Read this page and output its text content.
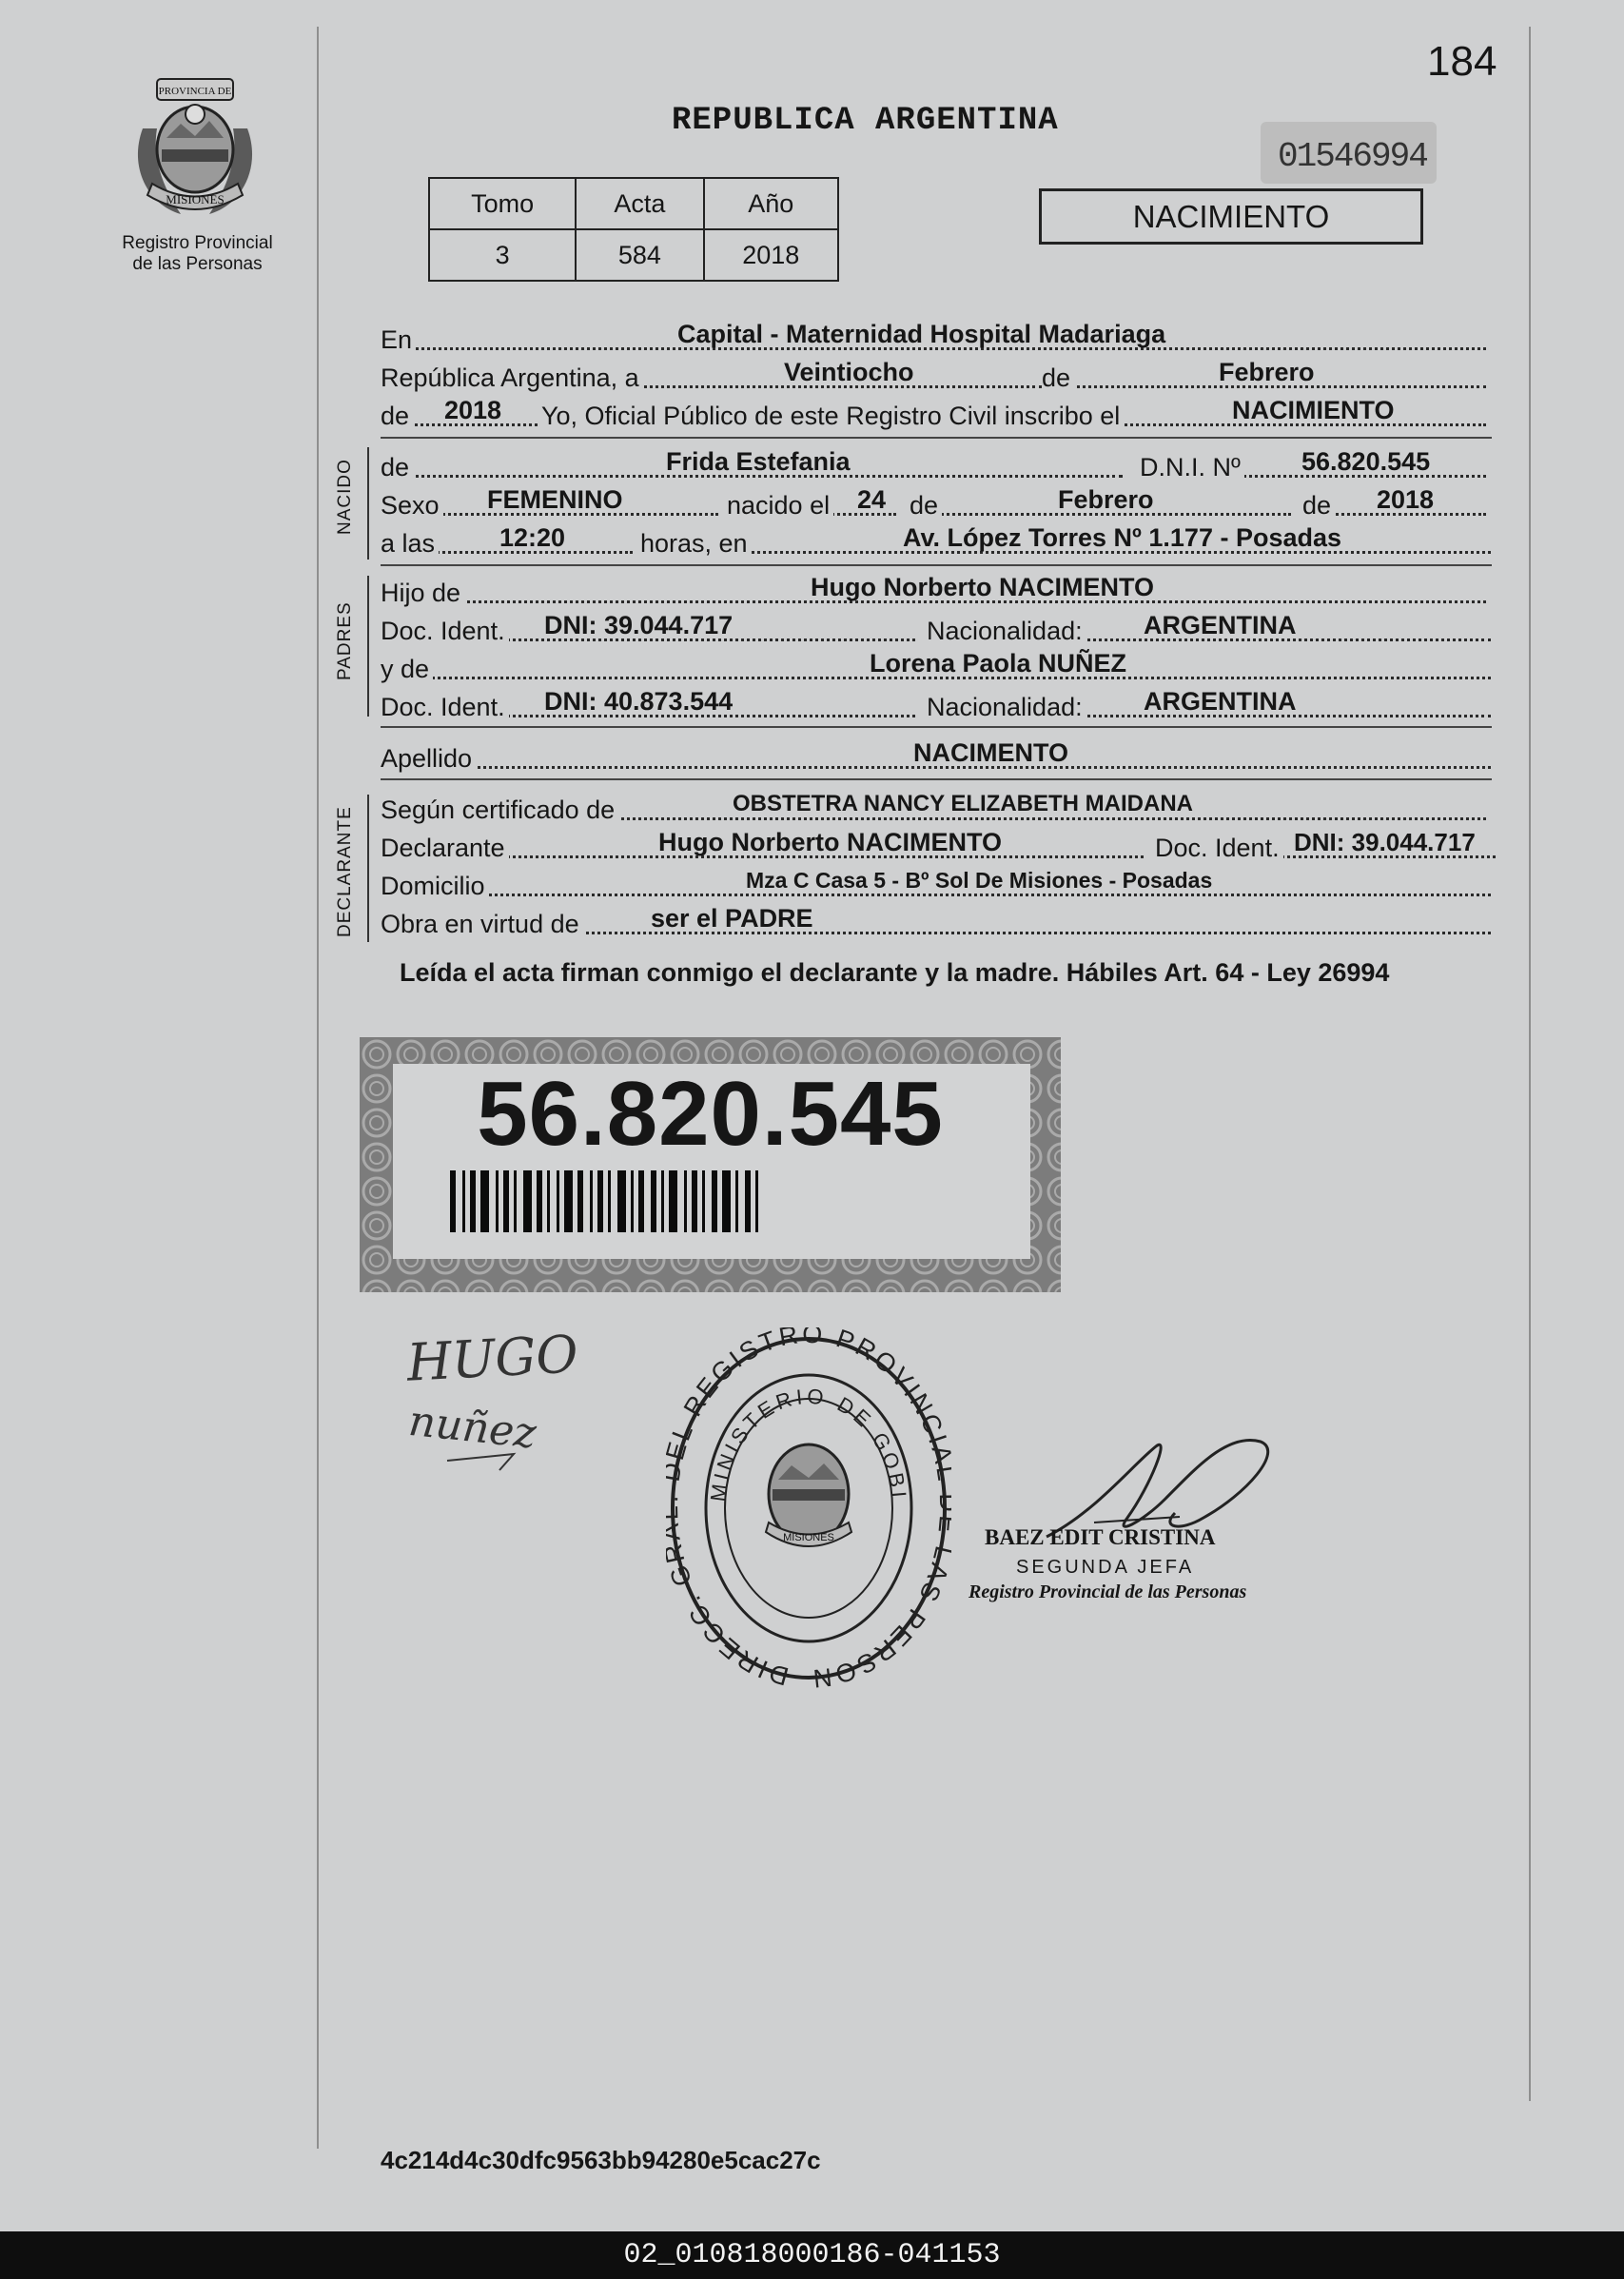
PROVINCIA DE
MISIONES
Registro Provincial
de las Personas
184
REPUBLICA ARGENTINA
01546994
Tomo	Acta	Año
3	584	2018
NACIMIENTO
En	Capital - Maternidad Hospital Madariaga
República Argentina, a	Veintiocho	de	Febrero
de 2018 Yo, Oficial Público de este Registro Civil inscribo el	NACIMIENTO
NACIDO de	Frida Estefania	D.N.I. Nº 56.820.545
Sexo FEMENINO	nacido el 24 de	Febrero	de 2018
a las	12:20	horas, en	Av. López Torres Nº 1.177 - Posadas
PADRES
Hijo de	Hugo Norberto NACIMENTO
Doc. Ident. DNI: 39.044.717	Nacionalidad: ARGENTINA
y de	Lorena Paola NUÑEZ
Doc. Ident. DNI: 40.873.544	Nacionalidad: ARGENTINA
Apellido	NACIMENTO
DECLARANTE Según certificado de	OBSTETRA NANCY ELIZABETH MAIDANA
Declarante	Hugo Norberto NACIMENTO	Doc. Ident. DNI: 39.044.717
Domicilio	Mza C Casa 5 - Bº Sol De Misiones - Posadas
Obra en virtud de	ser el PADRE
Leída el acta firman conmigo el declarante y la madre. Hábiles Art. 64 - Ley 26994
56.820.545
HUGO
nuñez
DIRECC. G L REGISTRO PROVINCI AS PERSON
MINISTERIO DE GOBI
MISIONES	BAEZ EDIT CRISTINA
SEGUNDA JEFA
Registro Provincial de las Personas
4c214d4c30dfc9563bb94280e5cac27c
02_010818000186-041153
